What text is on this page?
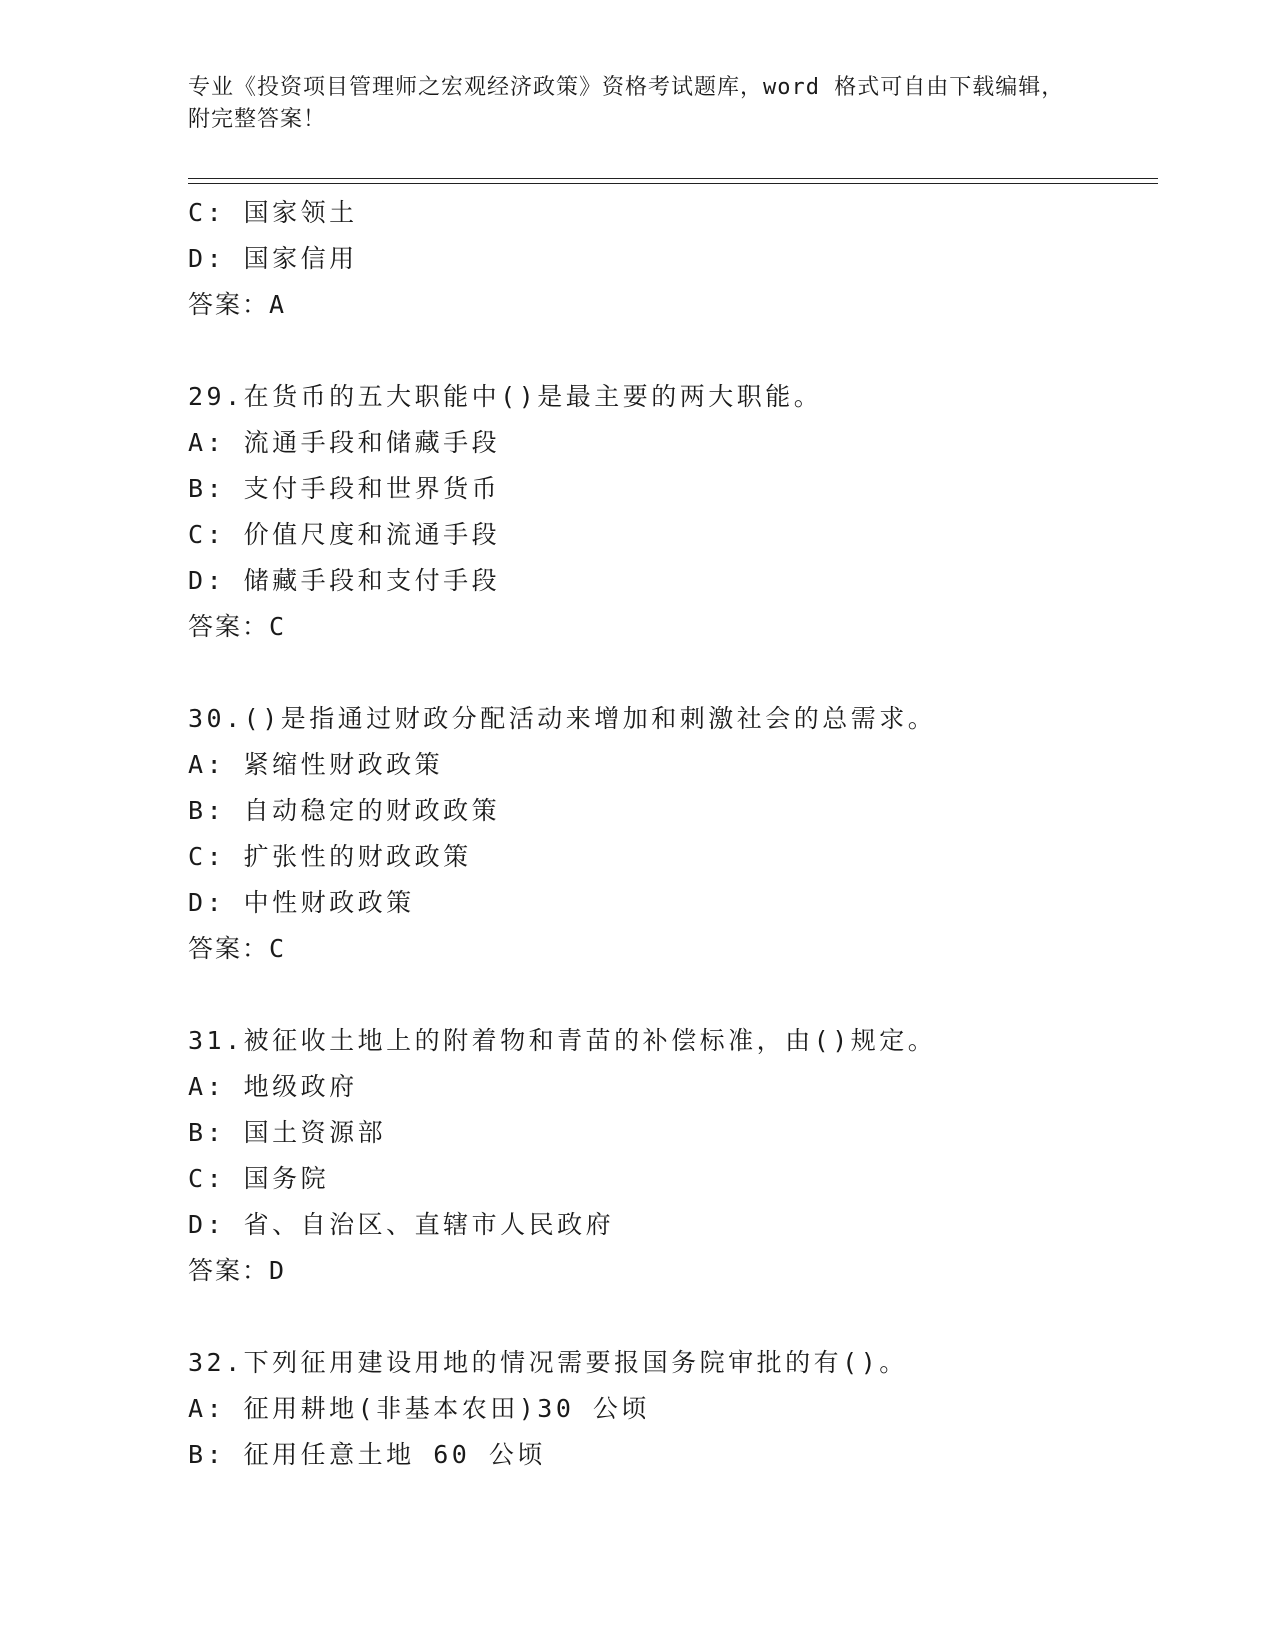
专业《投资项目管理师之宏观经济政策》资格考试题库，word 格式可自由下载编辑，附完整答案！
C: 国家领土
D: 国家信用
答案：A
29.在货币的五大职能中()是最主要的两大职能。
A: 流通手段和储藏手段
B: 支付手段和世界货币
C: 价值尺度和流通手段
D: 储藏手段和支付手段
答案：C
30.()是指通过财政分配活动来增加和刺激社会的总需求。
A: 紧缩性财政政策
B: 自动稳定的财政政策
C: 扩张性的财政政策
D: 中性财政政策
答案：C
31.被征收土地上的附着物和青苗的补偿标准，由()规定。
A: 地级政府
B: 国土资源部
C: 国务院
D: 省、自治区、直辖市人民政府
答案：D
32.下列征用建设用地的情况需要报国务院审批的有()。
A: 征用耕地(非基本农田)30 公顷
B: 征用任意土地 60 公顷
